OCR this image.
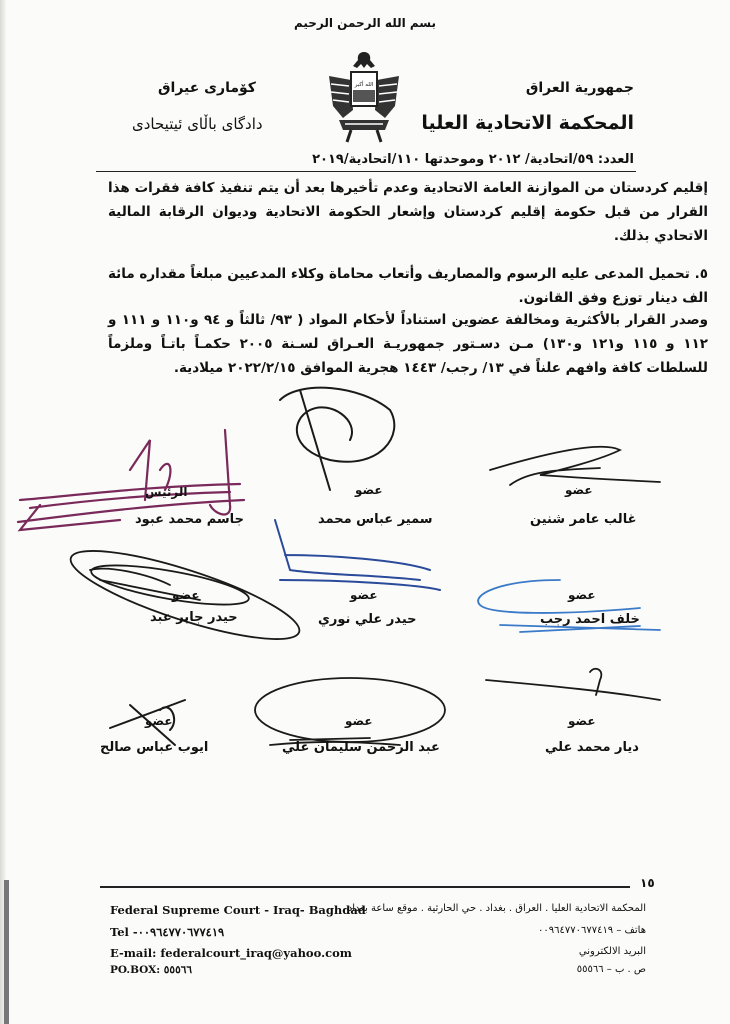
بسم الله الرحمن الرحيم
جمهورية العراق
المحكمة الاتحادية العليا
كۆمارى عيراق
دادگاى باڵاى ئيتيحادى
الله أكبر
العدد: ٥٩/اتحادية/ ٢٠١٢ وموحدتها ١١٠/اتحادية/٢٠١٩

إقليم كردستان من الموازنة العامة الاتحادية وعدم تأخيرها بعد أن يتم تنفيذ كافة فقرات هذا القرار من قبل حكومة إقليم كردستان وإشعار الحكومة الاتحادية وديوان الرقابة المالية الاتحادي بذلك.

٥. تحميل المدعى عليه الرسوم والمصاريف وأتعاب محاماة وكلاء المدعيين مبلغاً مقداره مائة الف دينار توزع وفق القانون.

وصدر القرار بالأكثرية ومخالفة عضوين استناداً لأحكام المواد ( ٩٣/ ثالثاً و ٩٤ و١١٠ و ١١١ و ١١٢ و ١١٥ و١٢١ و١٣٠) مـن دسـتور جمهوريـة العـراق لسـنة ٢٠٠٥ حكمـاً باتـاً وملزماً للسلطات كافة وافهم علناً في ١٣/ رجب/ ١٤٤٣ هجرية الموافق ٢٠٢٢/٢/١٥ ميلادية.

الرئيس
جاسم محمد عبود
عضو
سمير عباس محمد
عضو
غالب عامر شنين
عضو
حيدر جابر عبد
عضو
حيدر علي نوري
عضو
خلف احمد رجب
عضو
ايوب عباس صالح
عضو
عبد الرحمن سليمان علي
عضو
ديار محمد علي
١٥
Federal Supreme Court - Iraq- Baghdad
Tel -٠٠٩٦٤٧٧٠٦٧٧٤١٩
E-mail: federalcourt_iraq@yahoo.com
PO.BOX: ٥٥٥٦٦
المحكمة الاتحادية العليا . العراق . بغداد . حي الحارثية . موقع ساعة بغداد
هاتف – ٠٠٩٦٤٧٧٠٦٧٧٤١٩
البريد الالكتروني
ص . ب – ٥٥٥٦٦
